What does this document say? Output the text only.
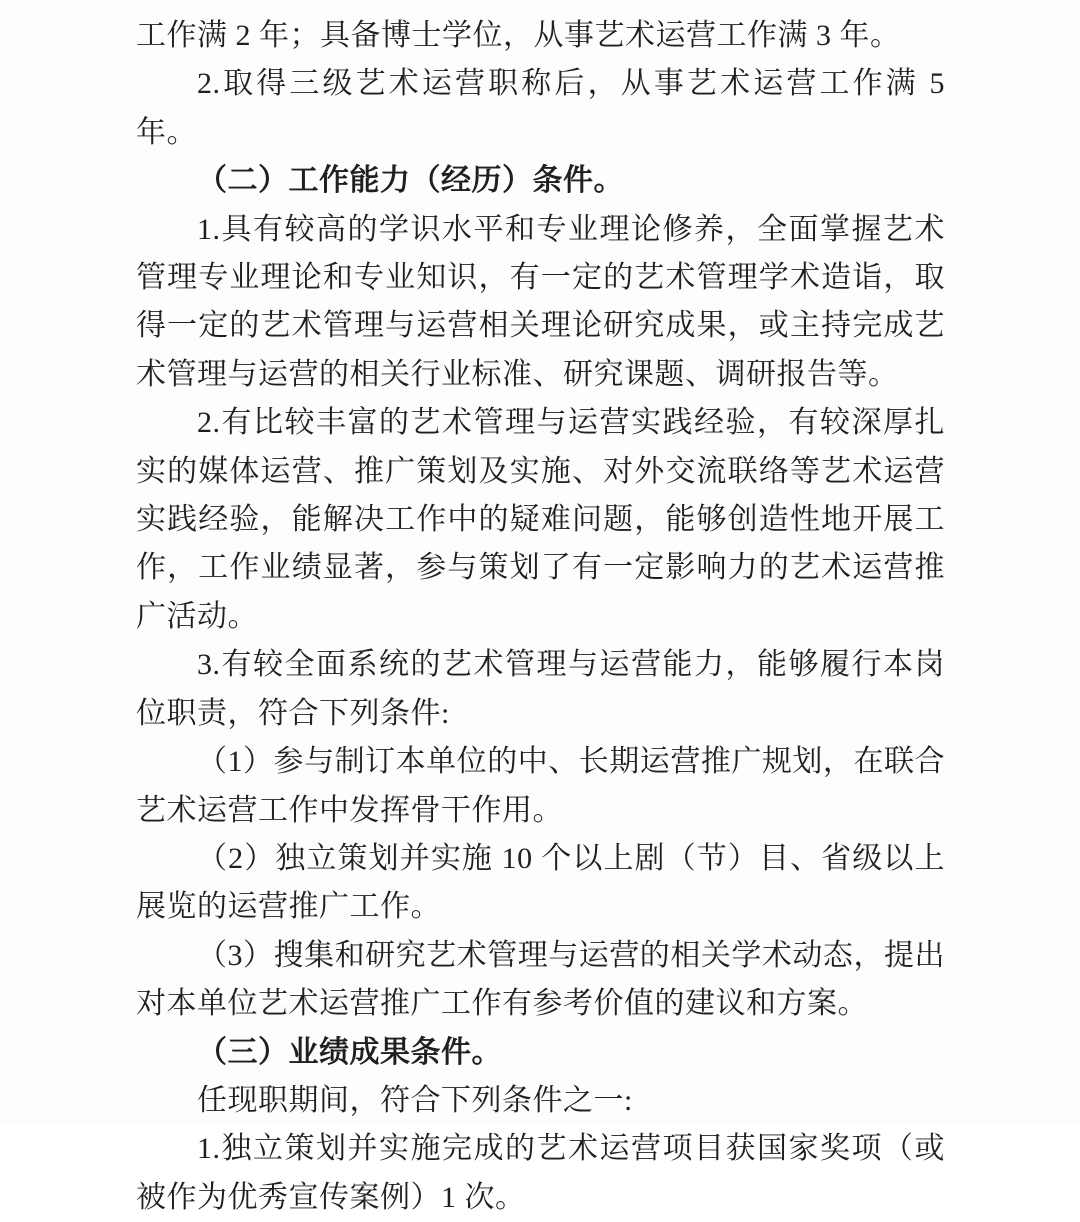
工作满 2 年；具备博士学位，从事艺术运营工作满 3 年。

2.取得三级艺术运营职称后，从事艺术运营工作满 5 年。

（二）工作能力（经历）条件。

1.具有较高的学识水平和专业理论修养，全面掌握艺术管理专业理论和专业知识，有一定的艺术管理学术造诣，取得一定的艺术管理与运营相关理论研究成果，或主持完成艺术管理与运营的相关行业标准、研究课题、调研报告等。

2.有比较丰富的艺术管理与运营实践经验，有较深厚扎实的媒体运营、推广策划及实施、对外交流联络等艺术运营实践经验，能解决工作中的疑难问题，能够创造性地开展工作，工作业绩显著，参与策划了有一定影响力的艺术运营推广活动。

3.有较全面系统的艺术管理与运营能力，能够履行本岗位职责，符合下列条件:

（1）参与制订本单位的中、长期运营推广规划，在联合艺术运营工作中发挥骨干作用。

（2）独立策划并实施 10 个以上剧（节）目、省级以上展览的运营推广工作。

（3）搜集和研究艺术管理与运营的相关学术动态，提出对本单位艺术运营推广工作有参考价值的建议和方案。

（三）业绩成果条件。

任现职期间，符合下列条件之一:

1.独立策划并实施完成的艺术运营项目获国家奖项（或被作为优秀宣传案例）1 次。
